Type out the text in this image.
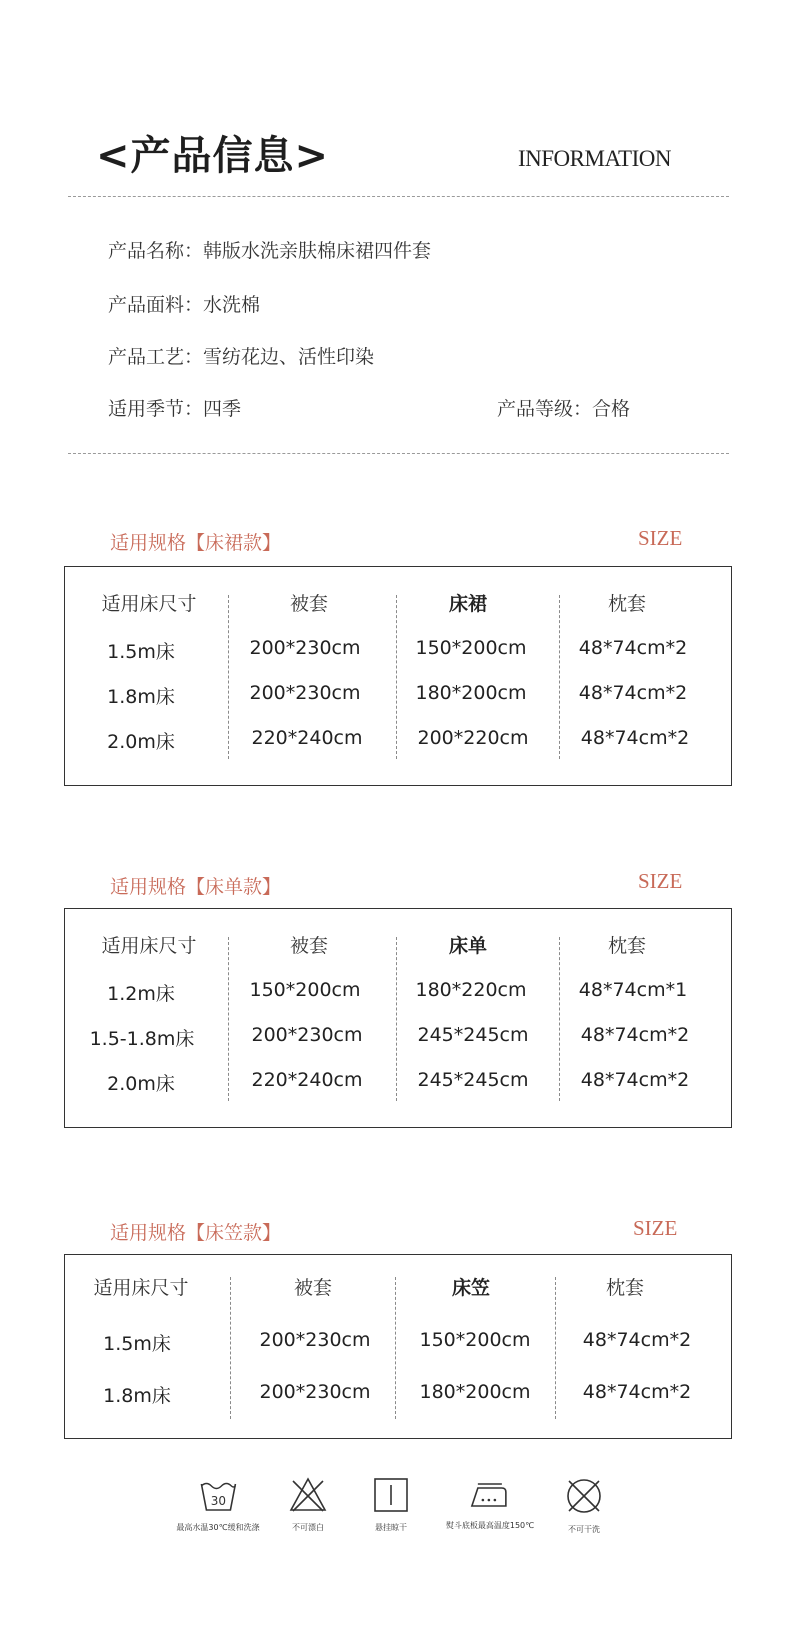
<产品信息>	INFORMATION
产品名称：韩版水洗亲肤棉床裙四件套
产品面料：水洗棉
产品工艺：雪纺花边、活性印染
适用季节：四季	产品等级：合格
适用规格【床裙款】	SIZE
适用床尺寸	被套	床裙	枕套
1.5m床	200*230cm	150*200cm	48*74cm*2
1.8m床	200*230cm	180*200cm	48*74cm*2
2.0m床	220*240cm	200*220cm	48*74cm*2
适用规格【床单款】	SIZE
适用床尺寸	被套	床单	枕套
1.2m床	150*200cm	180*220cm	48*74cm*1
1.5-1.8m床	200*230cm	245*245cm	48*74cm*2
2.0m床	220*240cm	245*245cm	48*74cm*2
适用规格【床笠款】	SIZE
适用床尺寸	被套	床笠	枕套
1.5m床	200*230cm	150*200cm	48*74cm*2
1.8m床	200*230cm	180*200cm	48*74cm*2
30
最高水温30℃缓和洗涤	不可漂白	悬挂晾干	熨斗底板最高温度150℃	不可干洗
